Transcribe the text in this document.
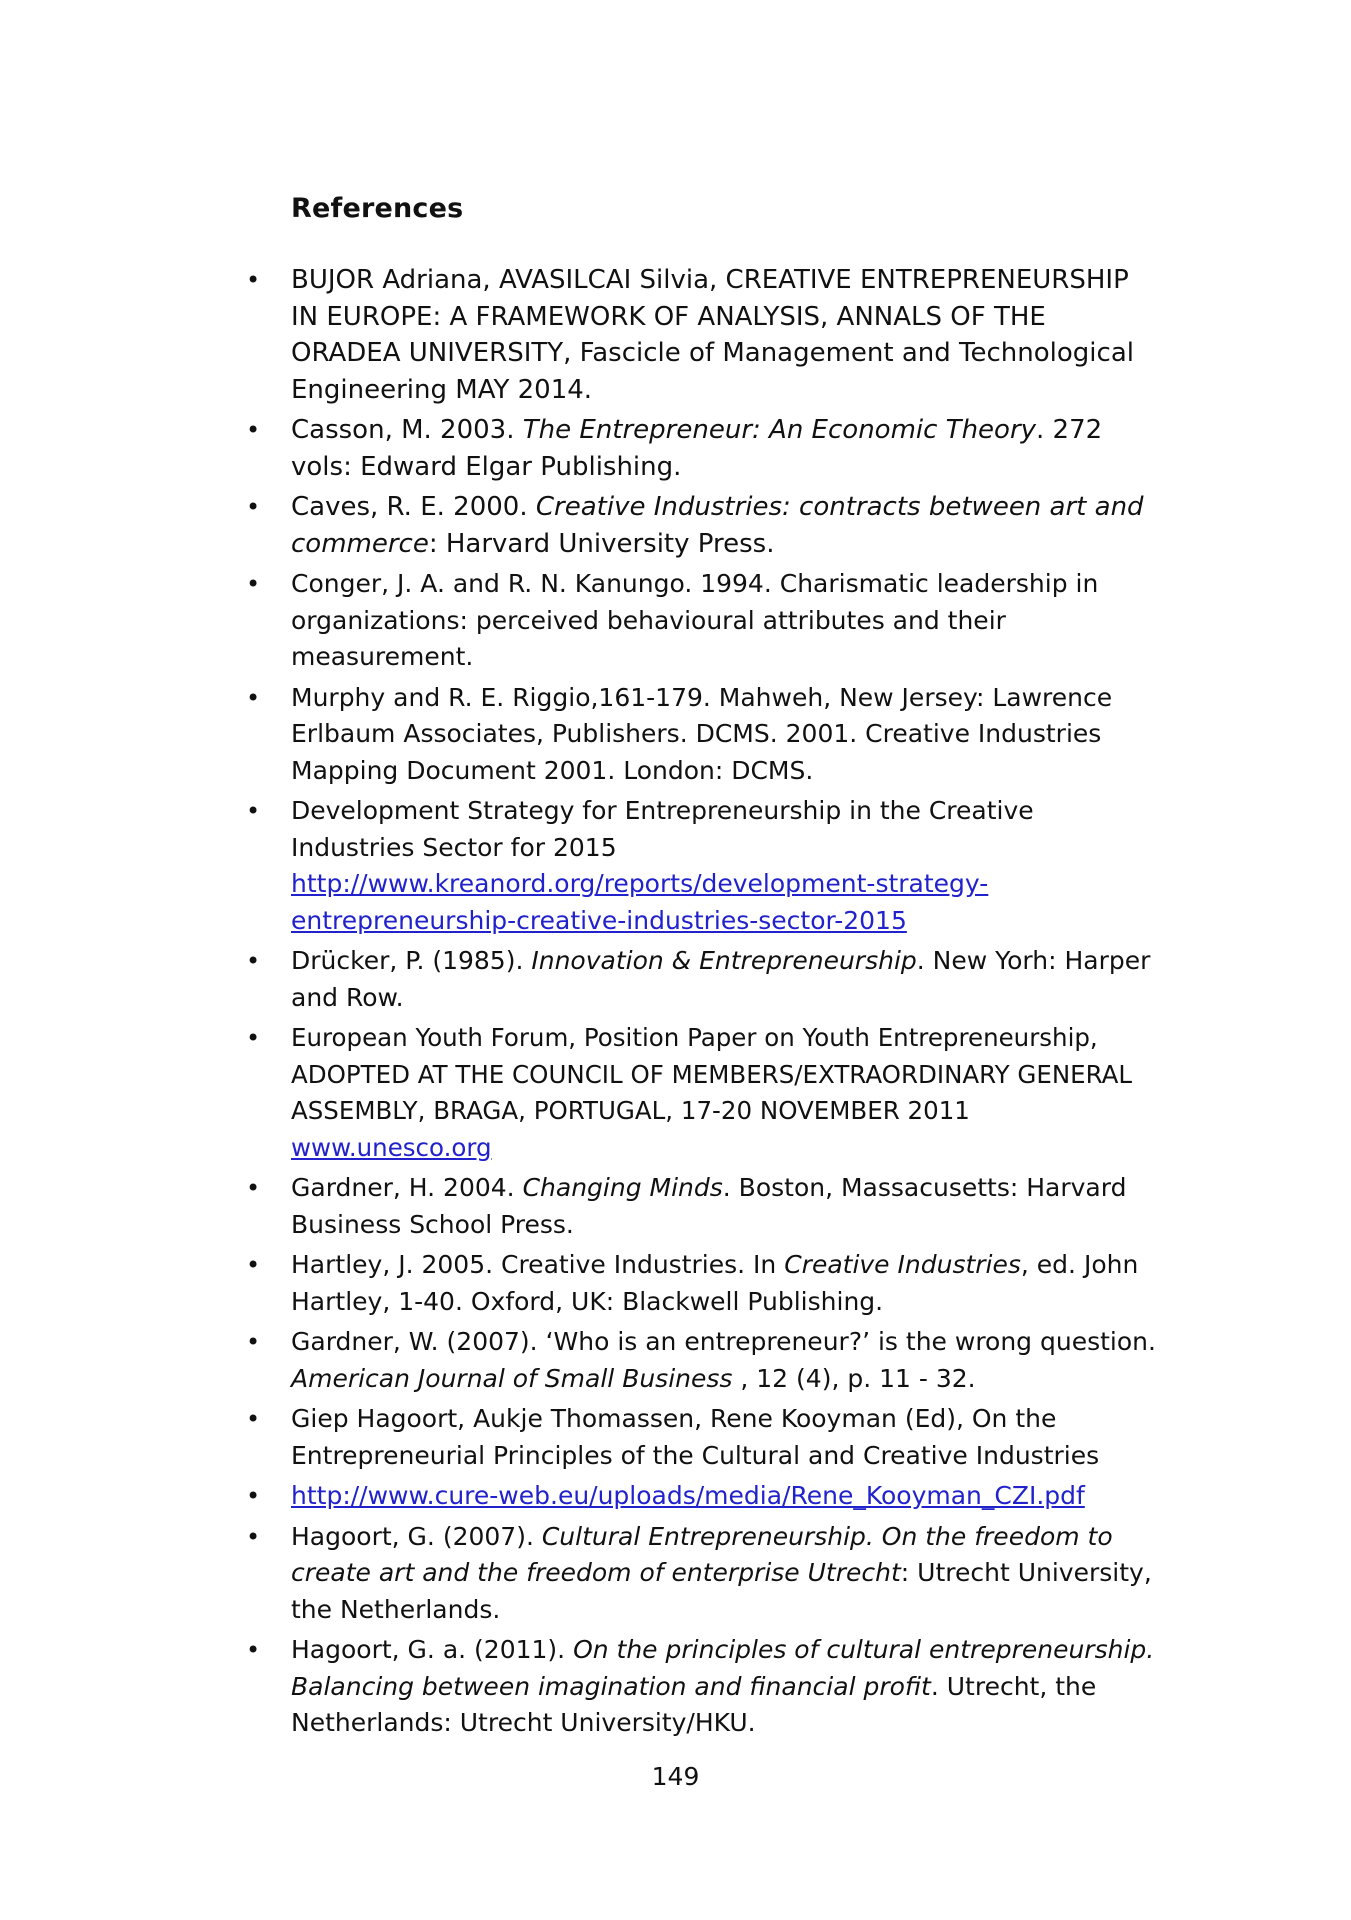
References
• BUJOR Adriana, AVASILCAI Silvia, CREATIVE ENTREPRENEURSHIP IN EUROPE: A FRAMEWORK OF ANALYSIS, ANNALS OF THE ORADEA UNIVERSITY, Fascicle of Management and Technological Engineering MAY 2014.
• Casson, M. 2003. The Entrepreneur: An Economic Theory. 272 vols: Edward Elgar Publishing.
• Caves, R. E. 2000. Creative Industries: contracts between art and commerce: Harvard University Press.
• Conger, J. A. and R. N. Kanungo. 1994. Charismatic leadership in organizations: perceived behavioural attributes and their measurement.
• Murphy and R. E. Riggio,161-179. Mahweh, New Jersey: Lawrence Erlbaum Associates, Publishers. DCMS. 2001. Creative Industries Mapping Document 2001. London: DCMS.
• Development Strategy for Entrepreneurship in the Creative Industries Sector for 2015 http://www.kreanord.org/reports/development-strategy-entrepreneurship-creative-industries-sector-2015
• Drücker, P. (1985). Innovation & Entrepreneurship. New Yorh: Harper and Row.
• European Youth Forum, Position Paper on Youth Entrepreneurship, ADOPTED AT THE COUNCIL OF MEMBERS/EXTRAORDINARY GENERAL ASSEMBLY, BRAGA, PORTUGAL, 17-20 NOVEMBER 2011 www.unesco.org
• Gardner, H. 2004. Changing Minds. Boston, Massacusetts: Harvard Business School Press.
• Hartley, J. 2005. Creative Industries. In Creative Industries, ed. John Hartley, 1-40. Oxford, UK: Blackwell Publishing.
• Gardner, W. (2007). ‘Who is an entrepreneur?’ is the wrong question. American Journal of Small Business , 12 (4), p. 11 - 32.
• Giep Hagoort, Aukje Thomassen, Rene Kooyman (Ed), On the Entrepreneurial Principles of the Cultural and Creative Industries
• http://www.cure-web.eu/uploads/media/Rene_Kooyman_CZI.pdf
• Hagoort, G. (2007). Cultural Entrepreneurship. On the freedom to create art and the freedom of enterprise Utrecht: Utrecht University, the Netherlands.
• Hagoort, G. a. (2011). On the principles of cultural entrepreneurship. Balancing between imagination and financial profit. Utrecht, the Netherlands: Utrecht University/HKU.
149
